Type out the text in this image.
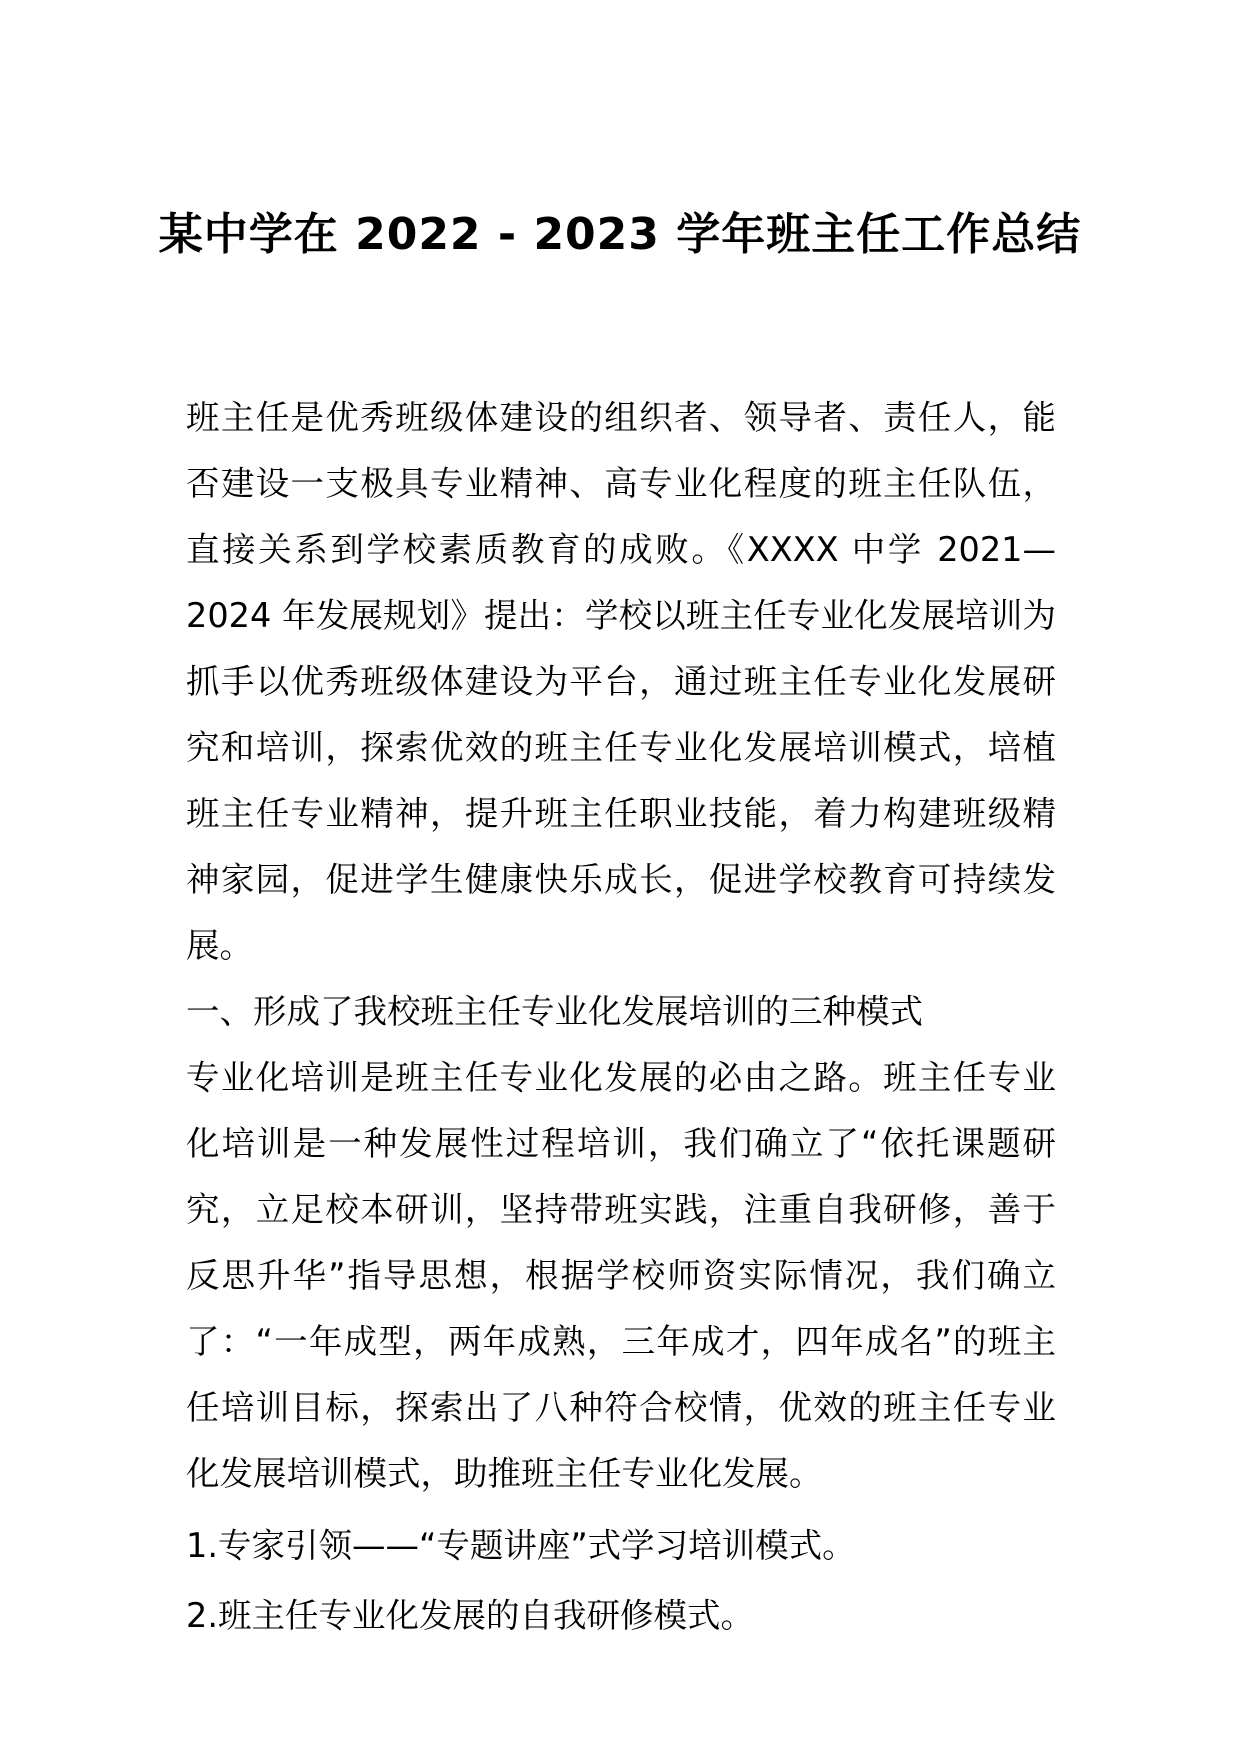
某中学在 2022 - 2023 学年班主任工作总结

班主任是优秀班级体建设的组织者、领导者、责任人，能否建设一支极具专业精神、高专业化程度的班主任队伍，直接关系到学校素质教育的成败。《XXXX 中学 2021—2024 年发展规划》提出：学校以班主任专业化发展培训为抓手以优秀班级体建设为平台，通过班主任专业化发展研究和培训，探索优效的班主任专业化发展培训模式，培植班主任专业精神，提升班主任职业技能，着力构建班级精神家园，促进学生健康快乐成长，促进学校教育可持续发展。

一、形成了我校班主任专业化发展培训的三种模式

专业化培训是班主任专业化发展的必由之路。班主任专业化培训是一种发展性过程培训，我们确立了“依托课题研究，立足校本研训，坚持带班实践，注重自我研修，善于反思升华”指导思想，根据学校师资实际情况，我们确立了：“一年成型，两年成熟，三年成才，四年成名”的班主任培训目标，探索出了八种符合校情，优效的班主任专业化发展培训模式，助推班主任专业化发展。

1.专家引领——“专题讲座”式学习培训模式。

2.班主任专业化发展的自我研修模式。
